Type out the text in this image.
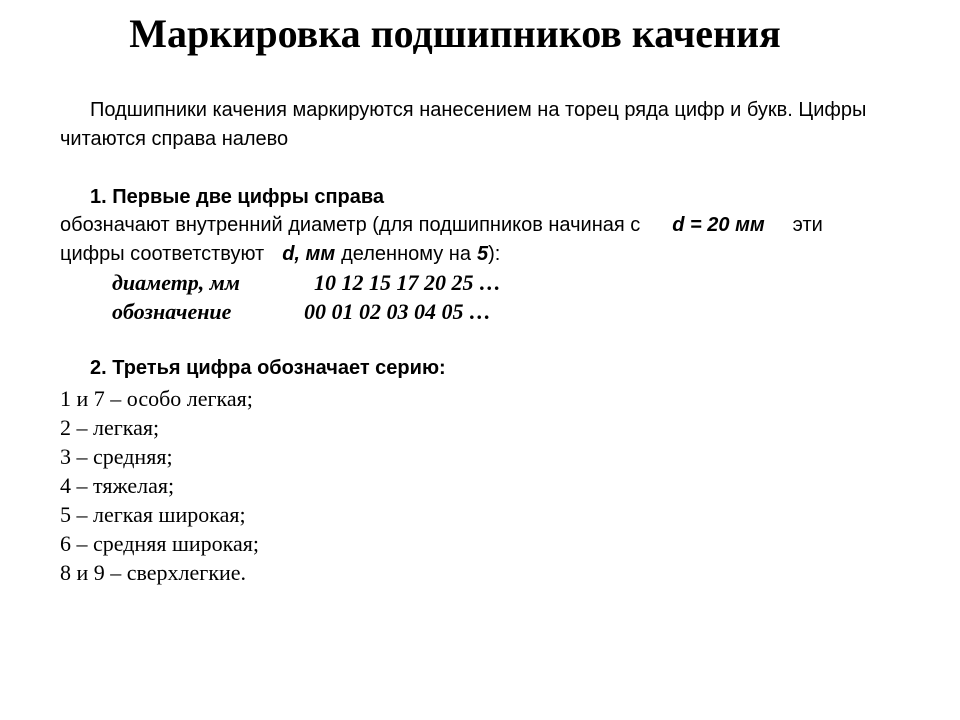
Маркировка подшипников качения
Подшипники качения маркируются нанесением на торец ряда цифр и букв. Цифры
читаются справа налево
1. Первые две цифры справа
обозначают внутренний диаметр (для подшипников начиная с d = 20 мм эти
цифры соответствуют d, мм деленному на 5):
диаметр, мм	10 12 15 17 20 25 …
обозначение	00 01 02 03 04 05 …
2. Третья цифра обозначает серию:
1 и 7 – особо легкая;
2 – легкая;
3 – средняя;
4 – тяжелая;
5 – легкая широкая;
6 – средняя широкая;
8 и 9 – сверхлегкие.
